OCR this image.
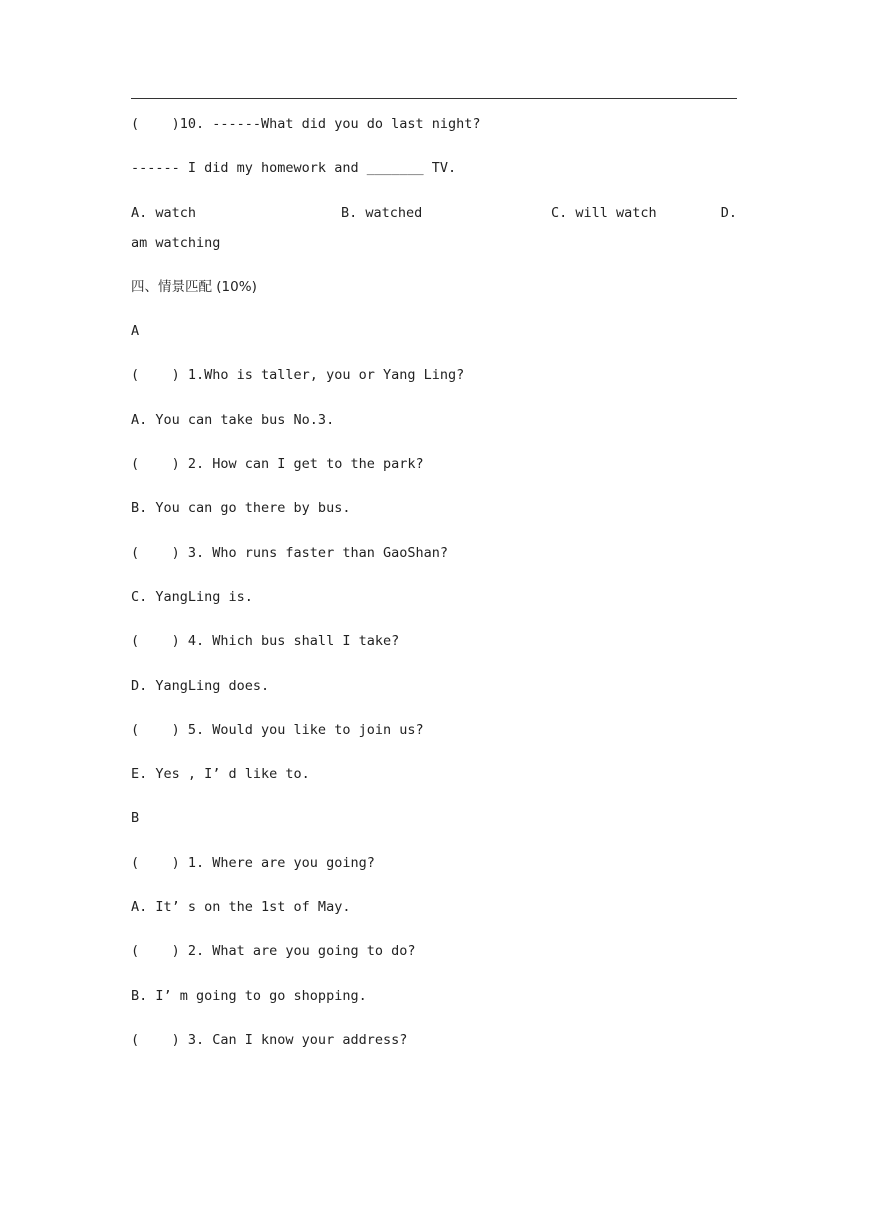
(    )10. ------What did you do last night?
------ I did my homework and _______ TV.
A. watch	B. watched	C. will watch	D.
am watching
四、情景匹配 (10%)
A
(    ) 1.Who is taller, you or Yang Ling?
A. You can take bus No.3.
(    ) 2. How can I get to the park?
B. You can go there by bus.
(    ) 3. Who runs faster than GaoShan?
C. YangLing is.
(    ) 4. Which bus shall I take?
D. YangLing does.
(    ) 5. Would you like to join us?
E. Yes , I’ d like to.
B
(    ) 1. Where are you going?
A. It’ s on the 1st of May.
(    ) 2. What are you going to do?
B. I’ m going to go shopping.
(    ) 3. Can I know your address?
